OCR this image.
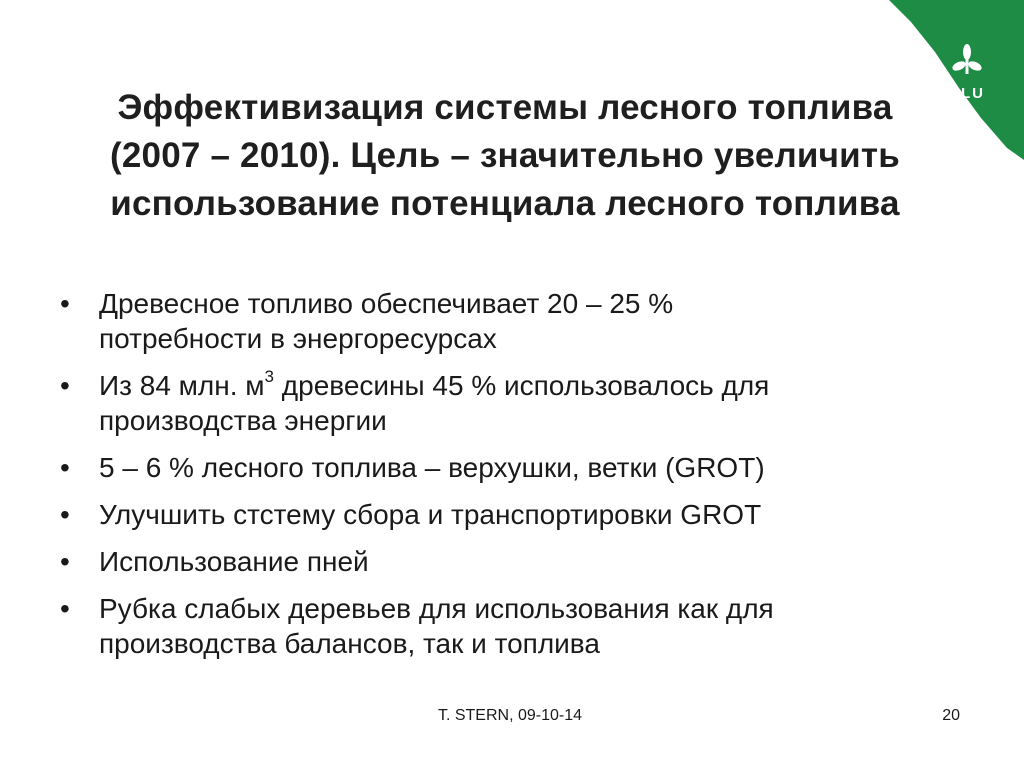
SLU
Эффективизация системы лесного топлива
(2007 – 2010). Цель – значительно увеличить
использование потенциала лесного топлива
•	Древесное топливо обеспечивает 20 – 25 %
потребности в энергоресурсах
•	Из 84 млн. $м^3$ древесины 45 % использовалось для
производства энергии
•	5 – 6 % лесного топлива – верхушки, ветки (GROT)
•	Улучшить стстему сбора и транспортировки GROT
•	Использование пней
•	Рубка слабых деревьев для использования как для
производства балансов, так и топлива
T. STERN, 09-10-14	20
